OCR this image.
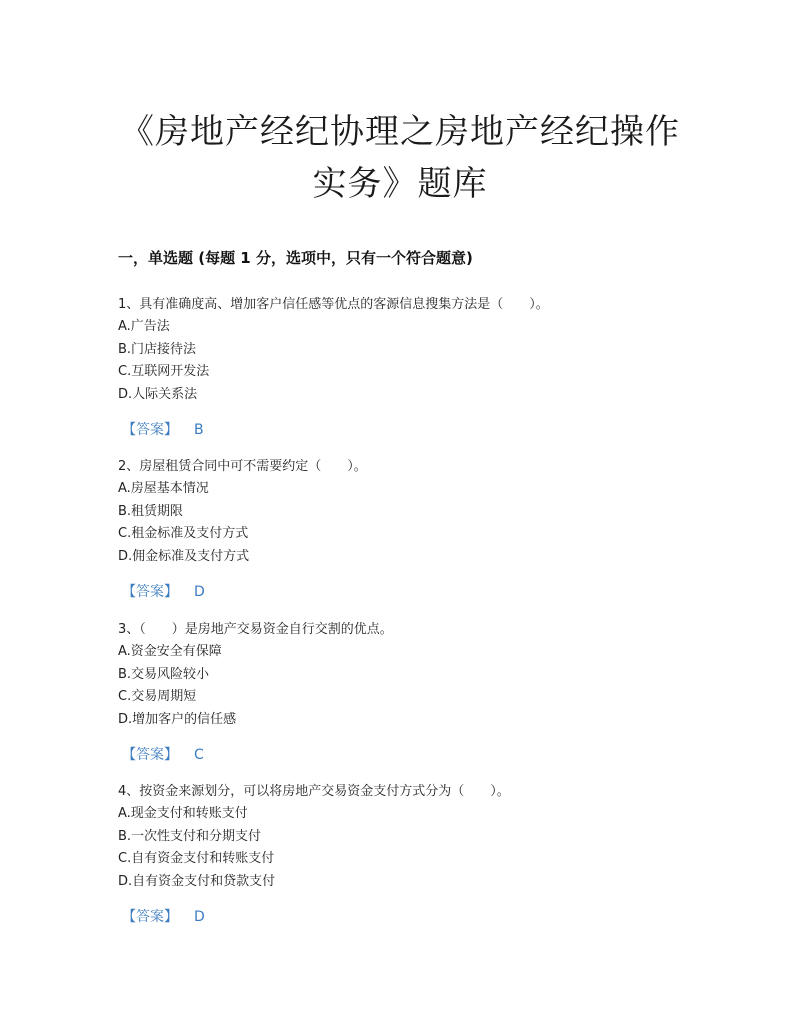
《房地产经纪协理之房地产经纪操作
实务》题库
一，单选题 (每题 1 分，选项中，只有一个符合题意)
1、具有准确度高、增加客户信任感等优点的客源信息搜集方法是（　　）。
A.广告法
B.门店接待法
C.互联网开发法
D.人际关系法
【答案】 B
2、房屋租赁合同中可不需要约定（　　）。
A.房屋基本情况
B.租赁期限
C.租金标准及支付方式
D.佣金标准及支付方式
【答案】 D
3、（　　）是房地产交易资金自行交割的优点。
A.资金安全有保障
B.交易风险较小
C.交易周期短
D.增加客户的信任感
【答案】 C
4、按资金来源划分，可以将房地产交易资金支付方式分为（　　）。
A.现金支付和转账支付
B.一次性支付和分期支付
C.自有资金支付和转账支付
D.自有资金支付和贷款支付
【答案】 D
